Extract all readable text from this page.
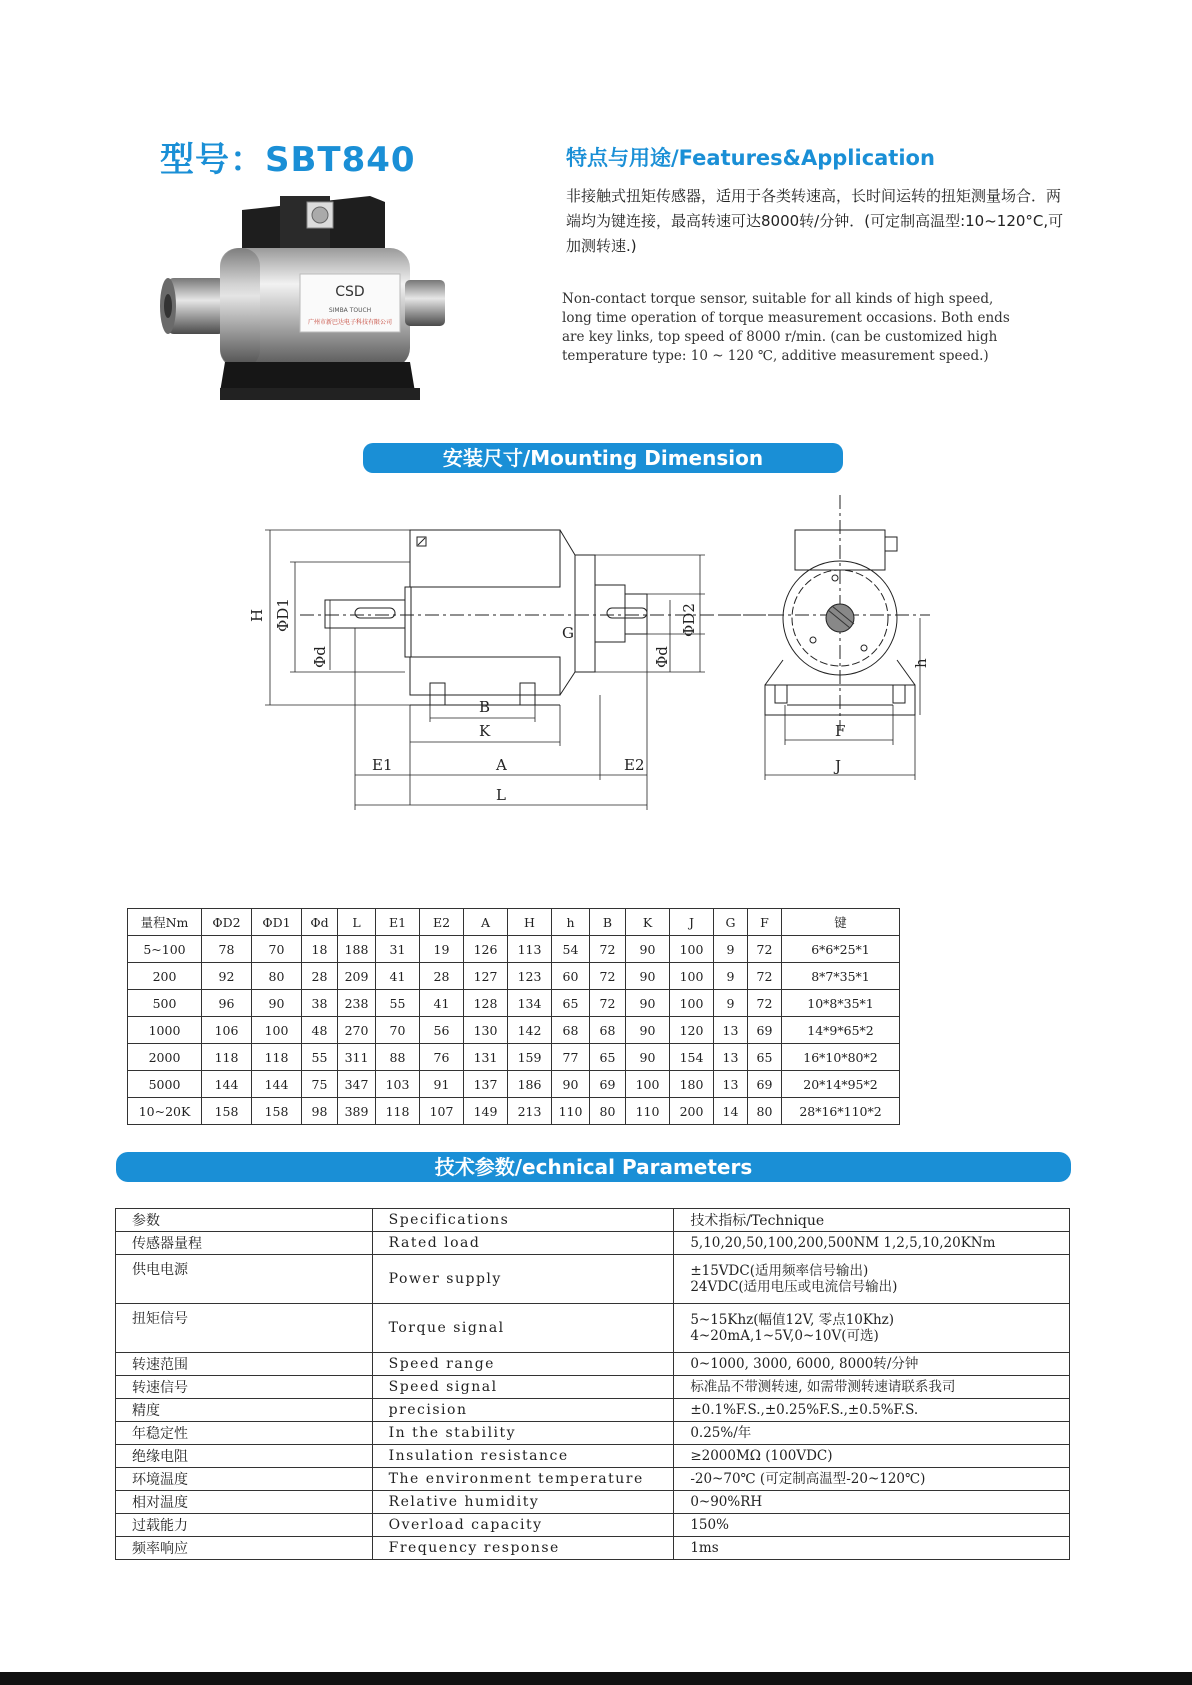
型号：SBT840	特点与用途/Features&Application
非接触式扭矩传感器，适用于各类转速高，长时间运转的扭矩测量场合．两端均为键连接，最高转速可达8000转/分钟．(可定制高温型:10~120°C,可加测转速.)
Non-contact torque sensor, suitable for all kinds of high speed,
long time operation of torque measurement occasions. Both ends
are key links, top speed of 8000 r/min. (can be customized high
temperature type: 10 ~ 120 ℃, additive measurement speed.)
CSD
SIMBA TOUCH
广州市新巴达电子科技有限公司
安装尺寸/Mounting Dimension
H ΦD1
Φd
ΦD2
Φd
G
B
K
E1	A	E2
L
h
F
J
量程Nm	ΦD2	ΦD1	Φd	L	E1	E2	A	H	h	B	K	J	G	F	键
5~100	78	70	18	188	31	19	126	113	54	72	90	100	9	72	6*6*25*1
200	92	80	28	209	41	28	127	123	60	72	90	100	9	72	8*7*35*1
500	96	90	38	238	55	41	128	134	65	72	90	100	9	72	10*8*35*1
1000	106	100	48	270	70	56	130	142	68	68	90	120	13	69	14*9*65*2
2000	118	118	55	311	88	76	131	159	77	65	90	154	13	65	16*10*80*2
5000	144	144	75	347	103	91	137	186	90	69	100	180	13	69	20*14*95*2
10~20K	158	158	98	389	118	107	149	213	110	80	110	200	14	80	28*16*110*2
技术参数/echnical Parameters
参数	Specifications	技术指标/Technique
传感器量程	Rated load	5,10,20,50,100,200,500NM 1,2,5,10,20KNm

供电电源	Power supply	±15VDC(适用频率信号输出)
24VDC(适用电压或电流信号输出)

扭矩信号	Torque signal	5~15Khz(幅值12V, 零点10Khz)
4~20mA,1~5V,0~10V(可选)

转速范围	Speed range	0~1000, 3000, 6000, 8000转/分钟

转速信号	Speed signal	标准品不带测转速, 如需带测转速请联系我司

精度	precision	±0.1%F.S.,±0.25%F.S.,±0.5%F.S.

年稳定性	In the stability	0.25%/年

绝缘电阻	Insulation resistance	≥2000MΩ (100VDC)

环境温度	The environment temperature	-20~70℃ (可定制高温型-20~120℃)

相对温度	Relative humidity	0~90%RH

过载能力	Overload capacity	150%

频率响应	Frequency response	1ms
